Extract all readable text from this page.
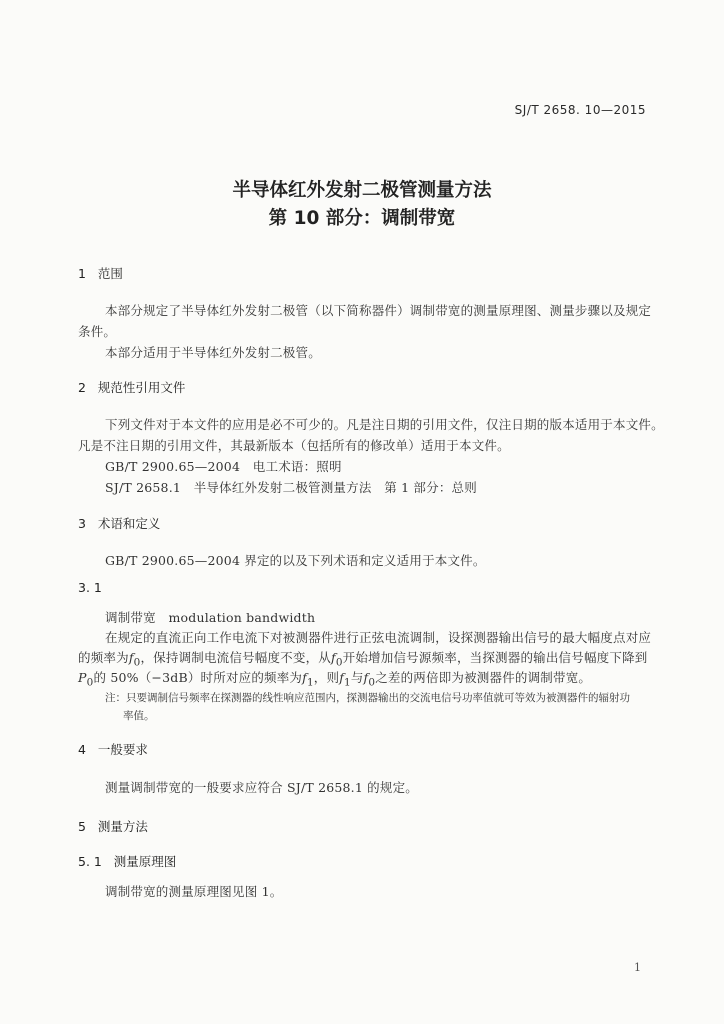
SJ/T 2658. 10—2015
半导体红外发射二极管测量方法
第 10 部分：调制带宽
1 范围
本部分规定了半导体红外发射二极管（以下简称器件）调制带宽的测量原理图、测量步骤以及规定
条件。
本部分适用于半导体红外发射二极管。
2 规范性引用文件
下列文件对于本文件的应用是必不可少的。凡是注日期的引用文件，仅注日期的版本适用于本文件。
凡是不注日期的引用文件，其最新版本（包括所有的修改单）适用于本文件。
GB/T 2900.65—2004　电工术语：照明
SJ/T 2658.1　半导体红外发射二极管测量方法　第 1 部分：总则
3 术语和定义
GB/T 2900.65—2004 界定的以及下列术语和定义适用于本文件。
3. 1
调制带宽　modulation bandwidth
在规定的直流正向工作电流下对被测器件进行正弦电流调制，设探测器输出信号的最大幅度点对应
的频率为$f_0$，保持调制电流信号幅度不变，从$f_0$开始增加信号源频率，当探测器的输出信号幅度下降到
$P_0$的 50%（−3dB）时所对应的频率为$f_1$，则$f_1$与$f_0$之差的两倍即为被测器件的调制带宽。
注：只要调制信号频率在探测器的线性响应范围内，探测器输出的交流电信号功率值就可等效为被测器件的辐射功
率值。
4 一般要求
测量调制带宽的一般要求应符合 SJ/T 2658.1 的规定。
5 测量方法
5. 1 测量原理图
调制带宽的测量原理图见图 1。
1
